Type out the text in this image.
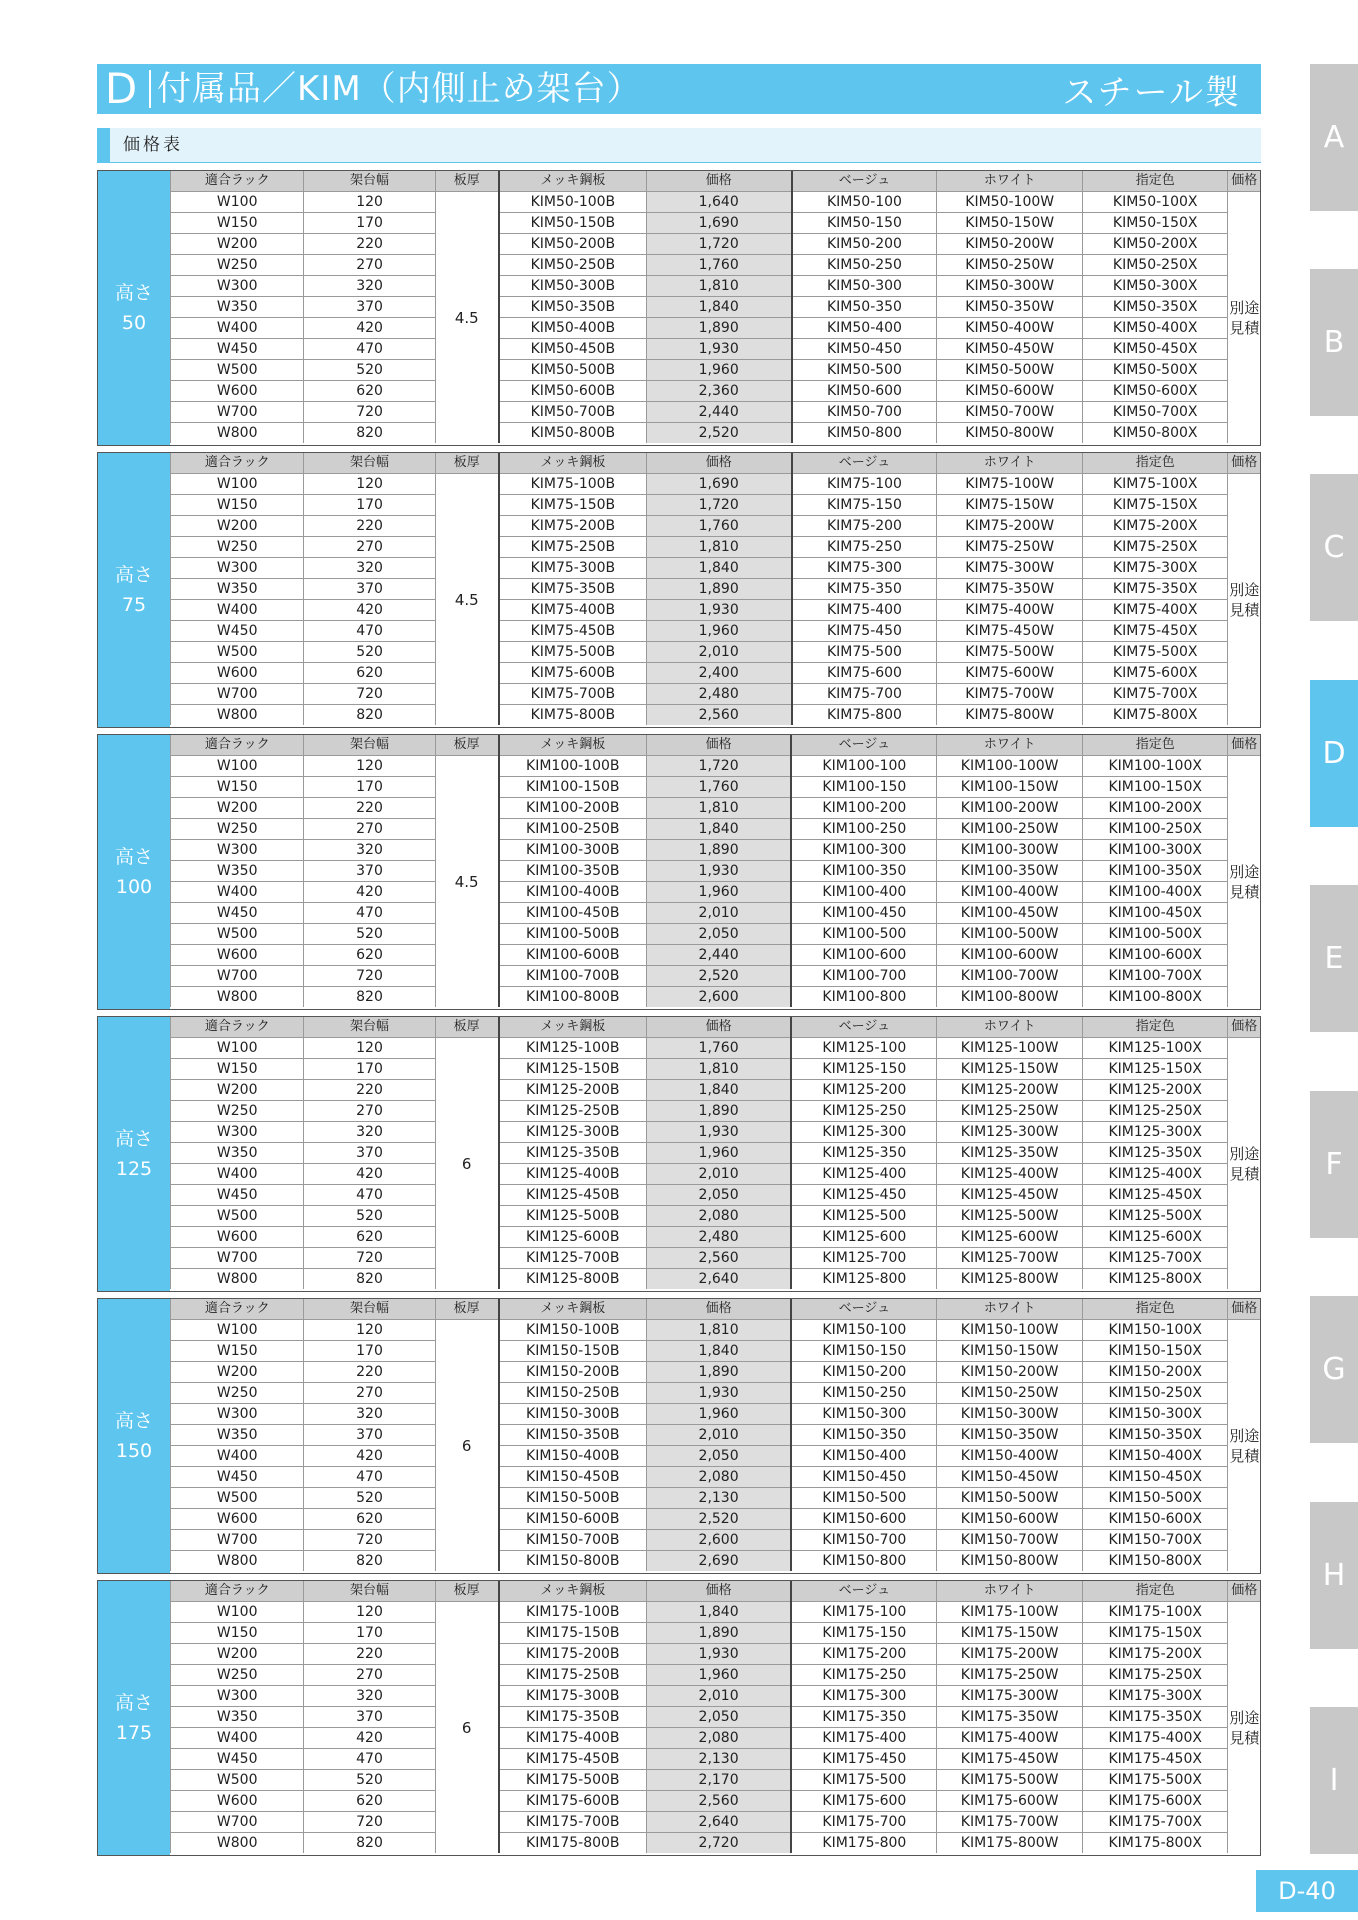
D 付属品／KIM（内側止め架台）	スチール製
価格表	A
B
C
D
E
F
G
H
I
高さ
50
適合ラック	架台幅	板厚	メッキ鋼板	価格	ベージュ	ホワイト	指定色	価格
W100	120	4.5	KIM50-100B	1,640	KIM50-100	KIM50-100W	KIM50-100X	別途見積
W150	170		KIM50-150B	1,690	KIM50-150	KIM50-150W	KIM50-150X	
W200	220		KIM50-200B	1,720	KIM50-200	KIM50-200W	KIM50-200X	
W250	270		KIM50-250B	1,760	KIM50-250	KIM50-250W	KIM50-250X	
W300	320		KIM50-300B	1,810	KIM50-300	KIM50-300W	KIM50-300X	
W350	370		KIM50-350B	1,840	KIM50-350	KIM50-350W	KIM50-350X	
W400	420		KIM50-400B	1,890	KIM50-400	KIM50-400W	KIM50-400X	
W450	470		KIM50-450B	1,930	KIM50-450	KIM50-450W	KIM50-450X	
W500	520		KIM50-500B	1,960	KIM50-500	KIM50-500W	KIM50-500X	
W600	620		KIM50-600B	2,360	KIM50-600	KIM50-600W	KIM50-600X	
W700	720		KIM50-700B	2,440	KIM50-700	KIM50-700W	KIM50-700X	
W800	820		KIM50-800B	2,520	KIM50-800	KIM50-800W	KIM50-800X	
高さ
75
適合ラック	架台幅	板厚	メッキ鋼板	価格	ベージュ	ホワイト	指定色	価格
W100	120	4.5	KIM75-100B	1,690	KIM75-100	KIM75-100W	KIM75-100X	別途見積
W150	170		KIM75-150B	1,720	KIM75-150	KIM75-150W	KIM75-150X	
W200	220		KIM75-200B	1,760	KIM75-200	KIM75-200W	KIM75-200X	
W250	270		KIM75-250B	1,810	KIM75-250	KIM75-250W	KIM75-250X	
W300	320		KIM75-300B	1,840	KIM75-300	KIM75-300W	KIM75-300X	
W350	370		KIM75-350B	1,890	KIM75-350	KIM75-350W	KIM75-350X	
W400	420		KIM75-400B	1,930	KIM75-400	KIM75-400W	KIM75-400X	
W450	470		KIM75-450B	1,960	KIM75-450	KIM75-450W	KIM75-450X	
W500	520		KIM75-500B	2,010	KIM75-500	KIM75-500W	KIM75-500X	
W600	620		KIM75-600B	2,400	KIM75-600	KIM75-600W	KIM75-600X	
W700	720		KIM75-700B	2,480	KIM75-700	KIM75-700W	KIM75-700X	
W800	820		KIM75-800B	2,560	KIM75-800	KIM75-800W	KIM75-800X	
高さ
100
適合ラック	架台幅	板厚	メッキ鋼板	価格	ベージュ	ホワイト	指定色	価格
W100	120	4.5	KIM100-100B	1,720	KIM100-100	KIM100-100W	KIM100-100X	別途見積
W150	170		KIM100-150B	1,760	KIM100-150	KIM100-150W	KIM100-150X	
W200	220		KIM100-200B	1,810	KIM100-200	KIM100-200W	KIM100-200X	
W250	270		KIM100-250B	1,840	KIM100-250	KIM100-250W	KIM100-250X	
W300	320		KIM100-300B	1,890	KIM100-300	KIM100-300W	KIM100-300X	
W350	370		KIM100-350B	1,930	KIM100-350	KIM100-350W	KIM100-350X	
W400	420		KIM100-400B	1,960	KIM100-400	KIM100-400W	KIM100-400X	
W450	470		KIM100-450B	2,010	KIM100-450	KIM100-450W	KIM100-450X	
W500	520		KIM100-500B	2,050	KIM100-500	KIM100-500W	KIM100-500X	
W600	620		KIM100-600B	2,440	KIM100-600	KIM100-600W	KIM100-600X	
W700	720		KIM100-700B	2,520	KIM100-700	KIM100-700W	KIM100-700X	
W800	820		KIM100-800B	2,600	KIM100-800	KIM100-800W	KIM100-800X	
高さ
125
適合ラック	架台幅	板厚	メッキ鋼板	価格	ベージュ	ホワイト	指定色	価格
W100	120	6	KIM125-100B	1,760	KIM125-100	KIM125-100W	KIM125-100X	別途見積
W150	170		KIM125-150B	1,810	KIM125-150	KIM125-150W	KIM125-150X	
W200	220		KIM125-200B	1,840	KIM125-200	KIM125-200W	KIM125-200X	
W250	270		KIM125-250B	1,890	KIM125-250	KIM125-250W	KIM125-250X	
W300	320		KIM125-300B	1,930	KIM125-300	KIM125-300W	KIM125-300X	
W350	370		KIM125-350B	1,960	KIM125-350	KIM125-350W	KIM125-350X	
W400	420		KIM125-400B	2,010	KIM125-400	KIM125-400W	KIM125-400X	
W450	470		KIM125-450B	2,050	KIM125-450	KIM125-450W	KIM125-450X	
W500	520		KIM125-500B	2,080	KIM125-500	KIM125-500W	KIM125-500X	
W600	620		KIM125-600B	2,480	KIM125-600	KIM125-600W	KIM125-600X	
W700	720		KIM125-700B	2,560	KIM125-700	KIM125-700W	KIM125-700X	
W800	820		KIM125-800B	2,640	KIM125-800	KIM125-800W	KIM125-800X	
高さ
150
適合ラック	架台幅	板厚	メッキ鋼板	価格	ベージュ	ホワイト	指定色	価格
W100	120	6	KIM150-100B	1,810	KIM150-100	KIM150-100W	KIM150-100X	別途見積
W150	170		KIM150-150B	1,840	KIM150-150	KIM150-150W	KIM150-150X	
W200	220		KIM150-200B	1,890	KIM150-200	KIM150-200W	KIM150-200X	
W250	270		KIM150-250B	1,930	KIM150-250	KIM150-250W	KIM150-250X	
W300	320		KIM150-300B	1,960	KIM150-300	KIM150-300W	KIM150-300X	
W350	370		KIM150-350B	2,010	KIM150-350	KIM150-350W	KIM150-350X	
W400	420		KIM150-400B	2,050	KIM150-400	KIM150-400W	KIM150-400X	
W450	470		KIM150-450B	2,080	KIM150-450	KIM150-450W	KIM150-450X	
W500	520		KIM150-500B	2,130	KIM150-500	KIM150-500W	KIM150-500X	
W600	620		KIM150-600B	2,520	KIM150-600	KIM150-600W	KIM150-600X	
W700	720		KIM150-700B	2,600	KIM150-700	KIM150-700W	KIM150-700X	
W800	820		KIM150-800B	2,690	KIM150-800	KIM150-800W	KIM150-800X	
高さ
175
適合ラック	架台幅	板厚	メッキ鋼板	価格	ベージュ	ホワイト	指定色	価格
W100	120	6	KIM175-100B	1,840	KIM175-100	KIM175-100W	KIM175-100X	別途見積
W150	170		KIM175-150B	1,890	KIM175-150	KIM175-150W	KIM175-150X	
W200	220		KIM175-200B	1,930	KIM175-200	KIM175-200W	KIM175-200X	
W250	270		KIM175-250B	1,960	KIM175-250	KIM175-250W	KIM175-250X	
W300	320		KIM175-300B	2,010	KIM175-300	KIM175-300W	KIM175-300X	
W350	370		KIM175-350B	2,050	KIM175-350	KIM175-350W	KIM175-350X	
W400	420		KIM175-400B	2,080	KIM175-400	KIM175-400W	KIM175-400X	
W450	470		KIM175-450B	2,130	KIM175-450	KIM175-450W	KIM175-450X	
W500	520		KIM175-500B	2,170	KIM175-500	KIM175-500W	KIM175-500X	
W600	620		KIM175-600B	2,560	KIM175-600	KIM175-600W	KIM175-600X	
W700	720		KIM175-700B	2,640	KIM175-700	KIM175-700W	KIM175-700X	
W800	820		KIM175-800B	2,720	KIM175-800	KIM175-800W	KIM175-800X	
D-40
